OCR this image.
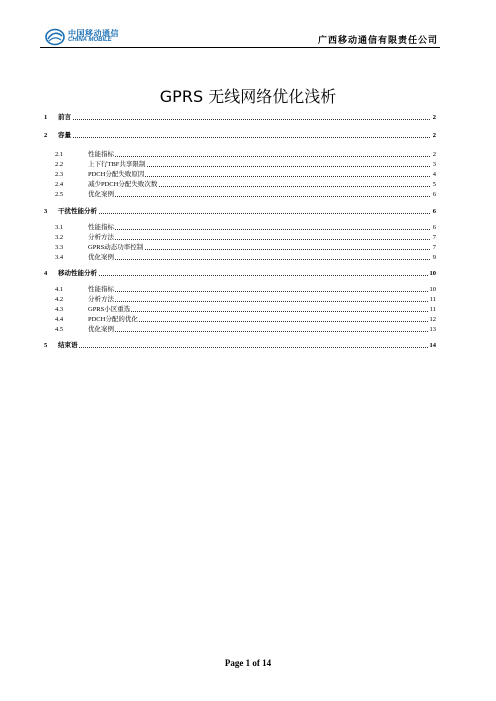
中国移动通信
CHINA MOBILE	广西移动通信有限责任公司
GPRS 无线网络优化浅析
1 前言	2
2 容量	2
2.1	性能指标	2
2.2	上下行TBF共享限制	3
2.3	PDCH分配失败原因	4
2.4	减少PDCH分配失败次数	5
2.5	优化案例	6
3 干扰性能分析	6
3.1	性能指标	6
3.2	分析方法	7
3.3	GPRS动态功率控制	7
3.4	优化案例	9
4 移动性能分析	10
4.1	性能指标	10
4.2	分析方法	11
4.3	GPRS小区重选	11
4.4	PDCH分配的优化	12
4.5	优化案例	13
5 结束语	14
Page 1 of 14
